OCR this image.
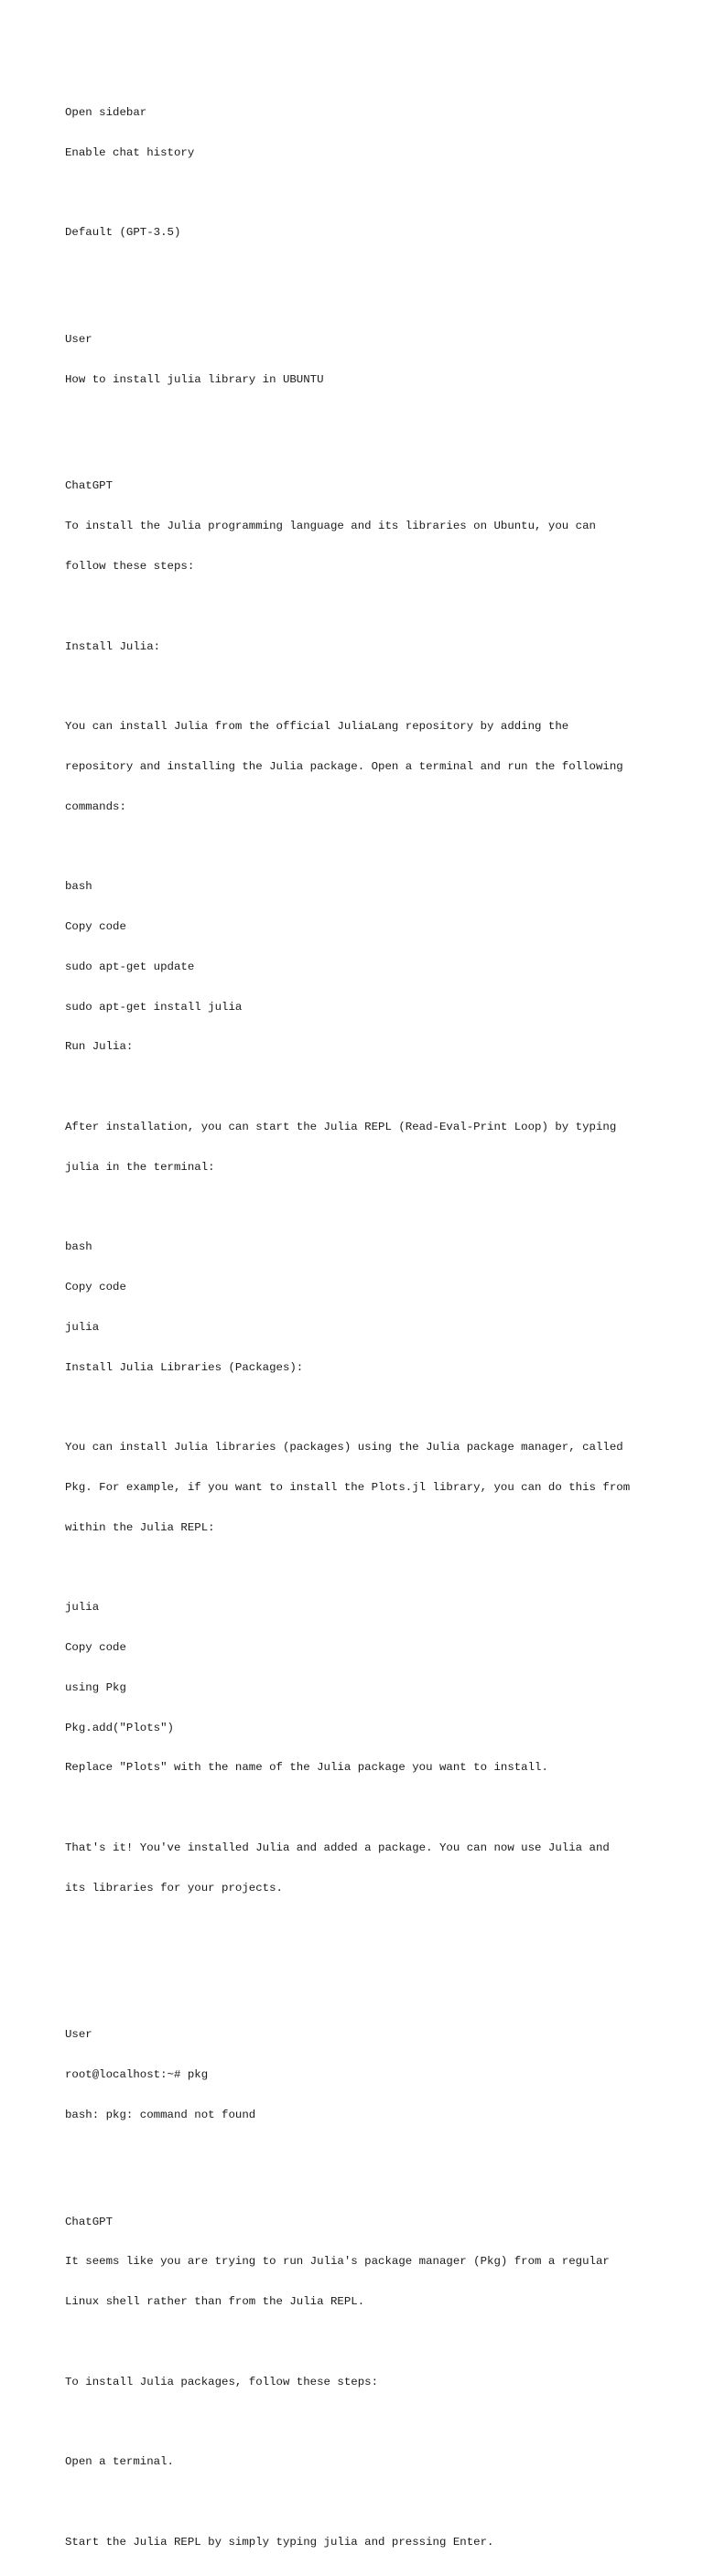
Open sidebar

Enable chat history

Default (GPT-3.5)

User

How to install julia library in UBUNTU

ChatGPT

To install the Julia programming language and its libraries on Ubuntu, you can

follow these steps:

Install Julia:

You can install Julia from the official JuliaLang repository by adding the

repository and installing the Julia package. Open a terminal and run the following

commands:

bash

Copy code

sudo apt-get update

sudo apt-get install julia

Run Julia:

After installation, you can start the Julia REPL (Read-Eval-Print Loop) by typing

julia in the terminal:

bash

Copy code

julia

Install Julia Libraries (Packages):

You can install Julia libraries (packages) using the Julia package manager, called

Pkg. For example, if you want to install the Plots.jl library, you can do this from

within the Julia REPL:

julia

Copy code

using Pkg

Pkg.add("Plots")

Replace "Plots" with the name of the Julia package you want to install.

That's it! You've installed Julia and added a package. You can now use Julia and

its libraries for your projects.

User

root@localhost:~# pkg

bash: pkg: command not found

ChatGPT

It seems like you are trying to run Julia's package manager (Pkg) from a regular

Linux shell rather than from the Julia REPL.

To install Julia packages, follow these steps:

Open a terminal.

Start the Julia REPL by simply typing julia and pressing Enter.
